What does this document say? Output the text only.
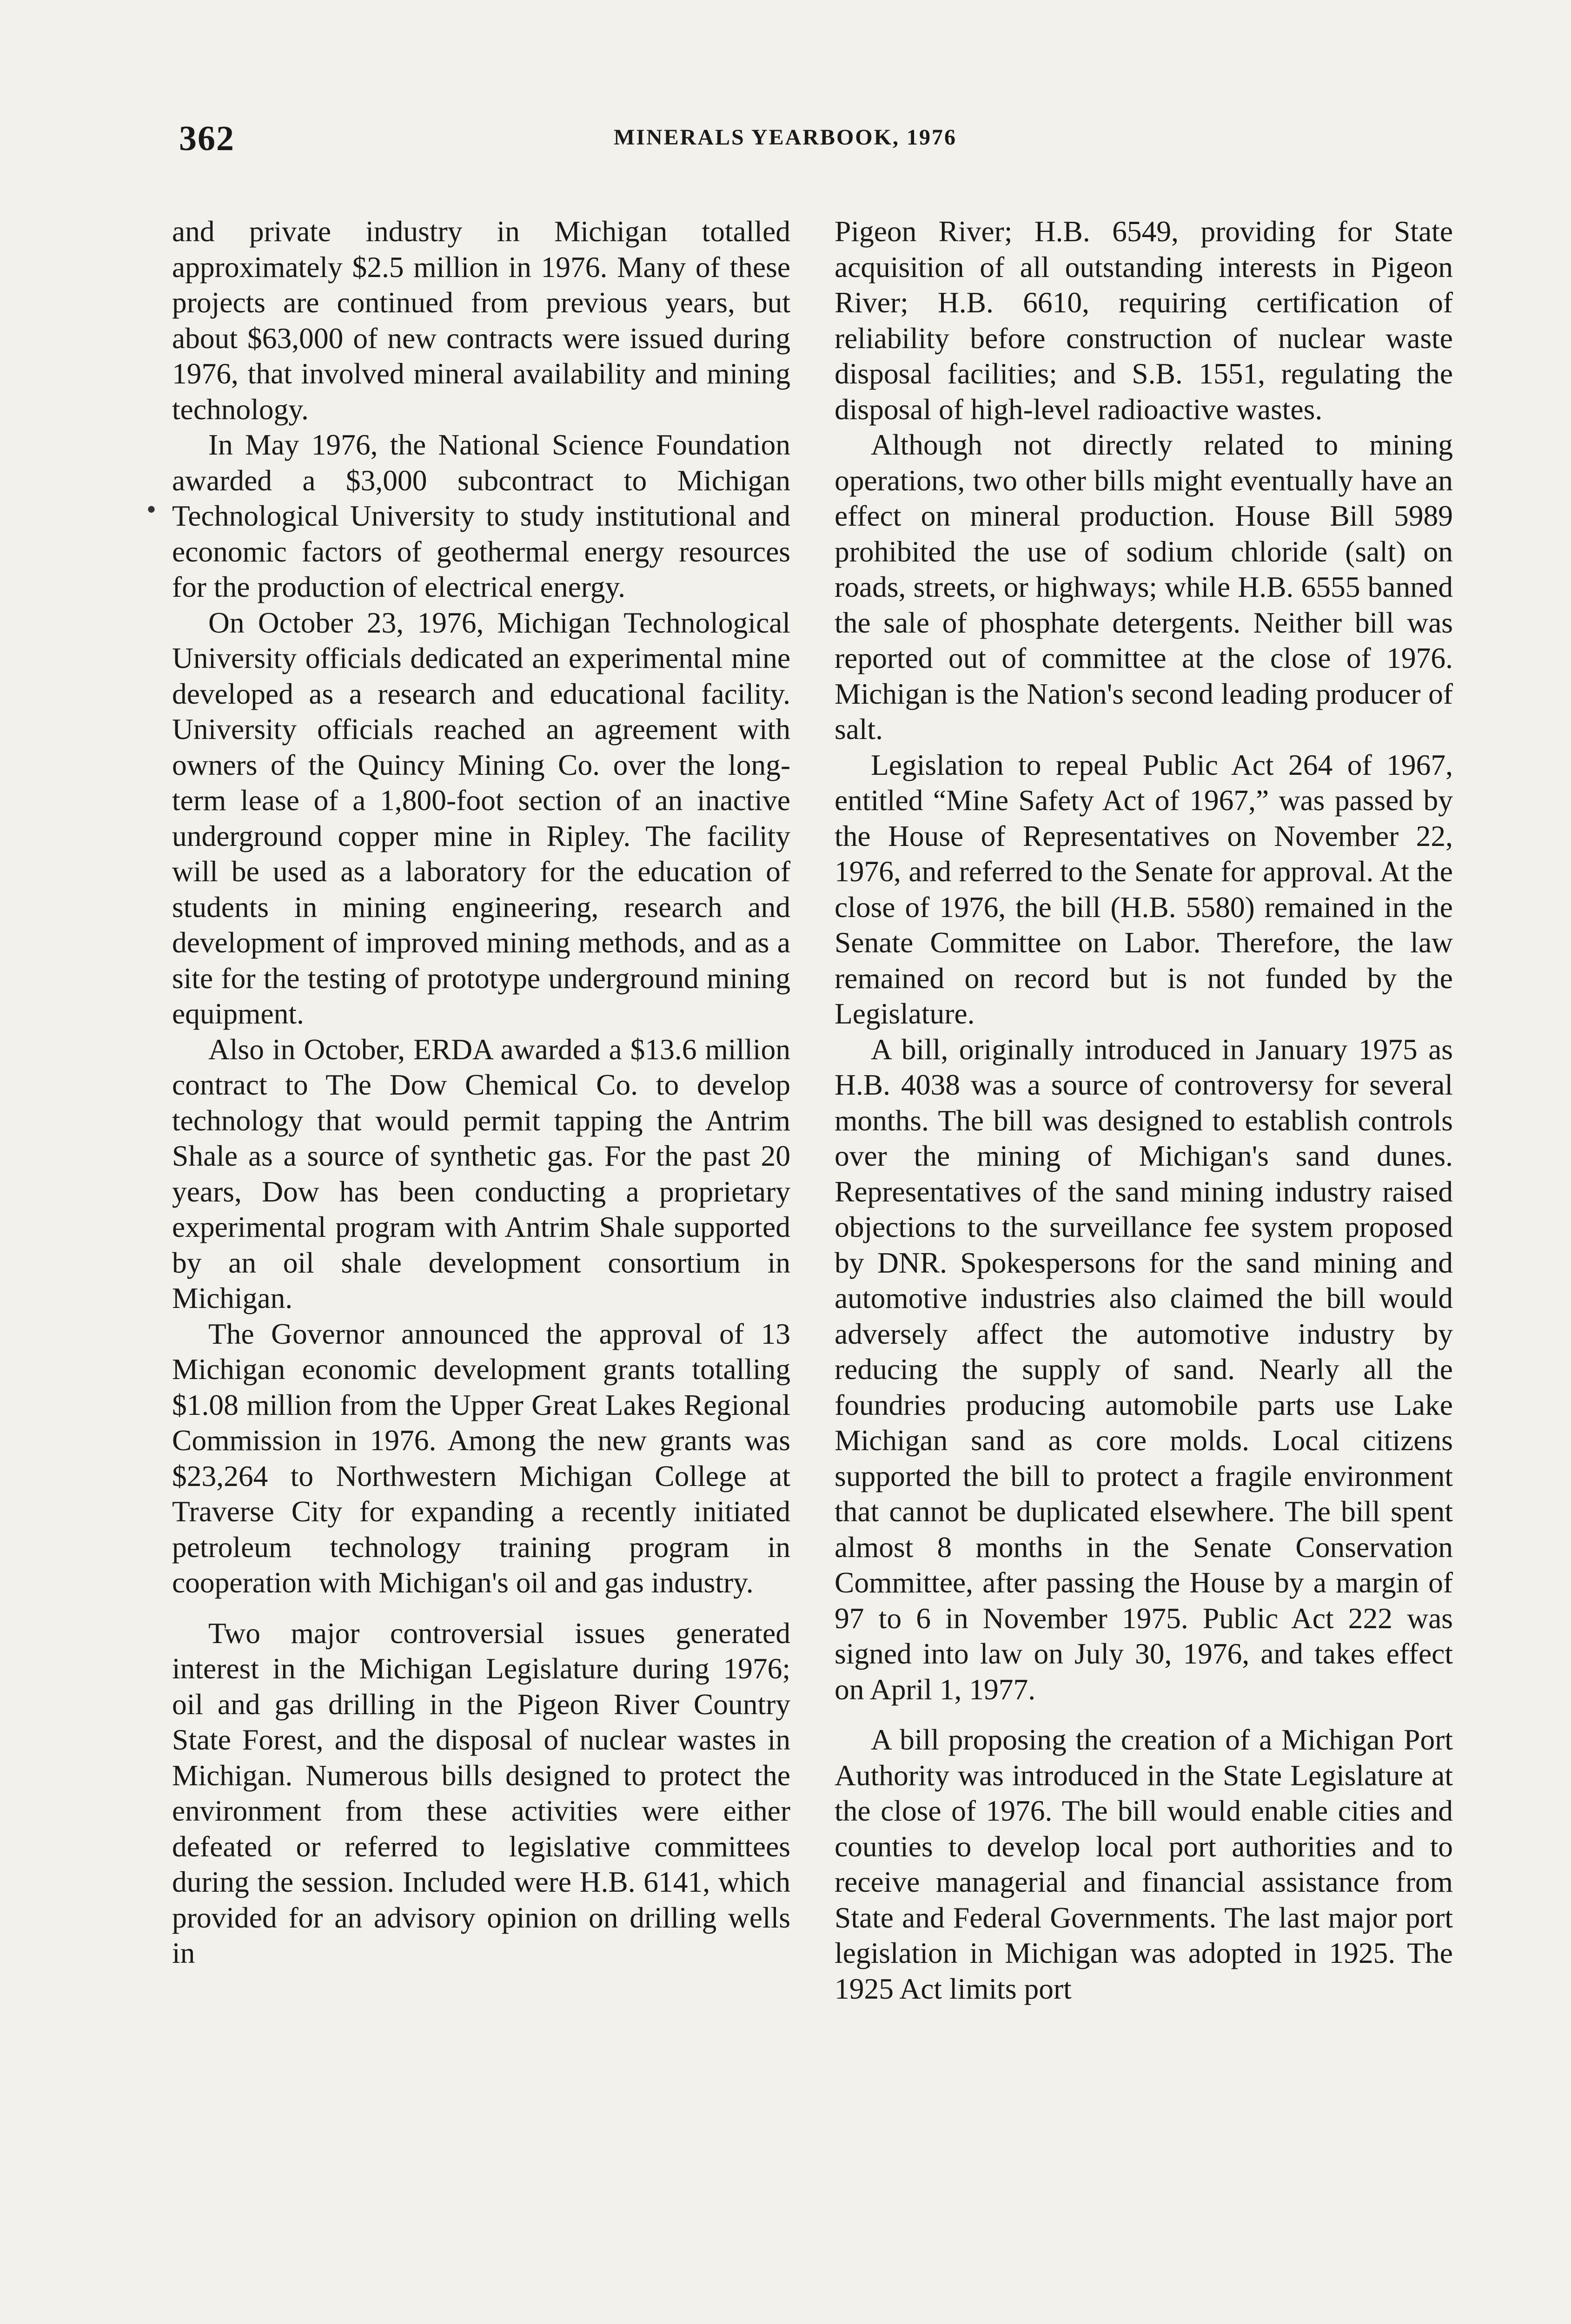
362	MINERALS YEARBOOK, 1976
•

and private industry in Michigan totalled approximately $2.5 million in 1976. Many of these projects are continued from previous years, but about $63,000 of new contracts were issued during 1976, that involved mineral availability and mining technology.

In May 1976, the National Science Foundation awarded a $3,000 subcontract to Michigan Technological University to study institutional and economic factors of geothermal energy resources for the production of electrical energy.

On October 23, 1976, Michigan Technological University officials dedicated an experimental mine developed as a research and educational facility. University officials reached an agreement with owners of the Quincy Mining Co. over the long-term lease of a 1,800-foot section of an inactive underground copper mine in Ripley. The facility will be used as a laboratory for the education of students in mining engineering, research and development of improved mining methods, and as a site for the testing of prototype underground mining equipment.

Also in October, ERDA awarded a $13.6 million contract to The Dow Chemical Co. to develop technology that would permit tapping the Antrim Shale as a source of synthetic gas. For the past 20 years, Dow has been conducting a proprietary experimental program with Antrim Shale supported by an oil shale development consortium in Michigan.

The Governor announced the approval of 13 Michigan economic development grants totalling $1.08 million from the Upper Great Lakes Regional Commission in 1976. Among the new grants was $23,264 to Northwestern Michigan College at Traverse City for expanding a recently initiated petroleum technology training program in cooperation with Michigan's oil and gas industry.

Two major controversial issues generated interest in the Michigan Legislature during 1976; oil and gas drilling in the Pigeon River Country State Forest, and the disposal of nuclear wastes in Michigan. Numerous bills designed to protect the environment from these activities were either defeated or referred to legislative committees during the session. Included were H.B. 6141, which provided for an advisory opinion on drilling wells in

Pigeon River; H.B. 6549, providing for State acquisition of all outstanding interests in Pigeon River; H.B. 6610, requiring certification of reliability before construction of nuclear waste disposal facilities; and S.B. 1551, regulating the disposal of high-level radioactive wastes.

Although not directly related to mining operations, two other bills might eventually have an effect on mineral production. House Bill 5989 prohibited the use of sodium chloride (salt) on roads, streets, or highways; while H.B. 6555 banned the sale of phosphate detergents. Neither bill was reported out of committee at the close of 1976. Michigan is the Nation's second leading producer of salt.

Legislation to repeal Public Act 264 of 1967, entitled “Mine Safety Act of 1967,” was passed by the House of Representatives on November 22, 1976, and referred to the Senate for approval. At the close of 1976, the bill (H.B. 5580) remained in the Senate Committee on Labor. Therefore, the law remained on record but is not funded by the Legislature.

A bill, originally introduced in January 1975 as H.B. 4038 was a source of controversy for several months. The bill was designed to establish controls over the mining of Michigan's sand dunes. Representatives of the sand mining industry raised objections to the surveillance fee system proposed by DNR. Spokespersons for the sand mining and automotive industries also claimed the bill would adversely affect the automotive industry by reducing the supply of sand. Nearly all the foundries producing automobile parts use Lake Michigan sand as core molds. Local citizens supported the bill to protect a fragile environment that cannot be duplicated elsewhere. The bill spent almost 8 months in the Senate Conservation Committee, after passing the House by a margin of 97 to 6 in November 1975. Public Act 222 was signed into law on July 30, 1976, and takes effect on April 1, 1977.

A bill proposing the creation of a Michigan Port Authority was introduced in the State Legislature at the close of 1976. The bill would enable cities and counties to develop local port authorities and to receive managerial and financial assistance from State and Federal Governments. The last major port legislation in Michigan was adopted in 1925. The 1925 Act limits port
